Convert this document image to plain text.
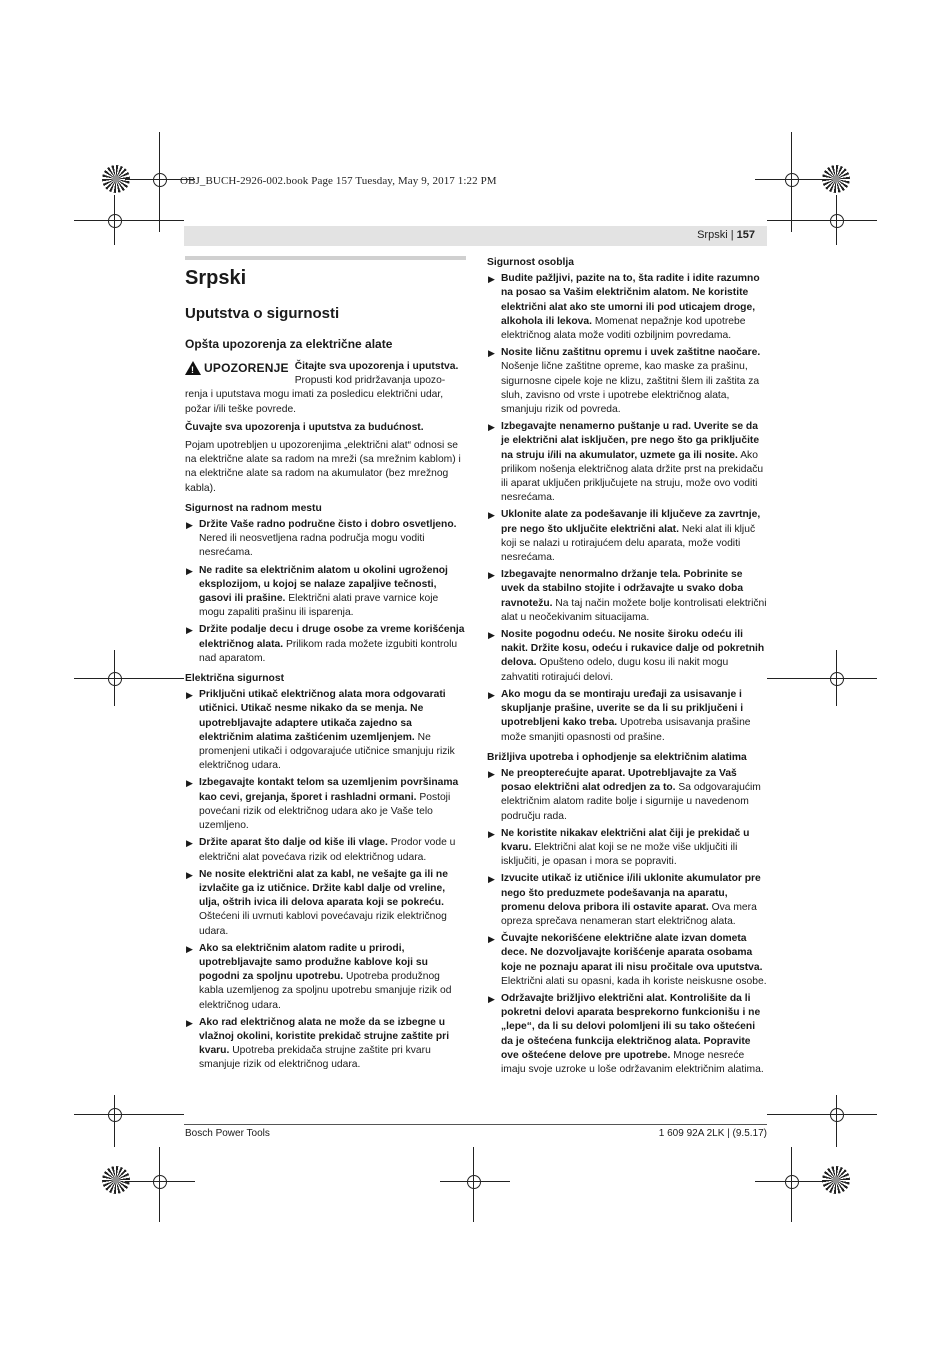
OBJ_BUCH-2926-002.book Page 157 Tuesday, May 9, 2017 1:22 PM
Srpski | 157
Srpski
Uputstva o sigurnosti
Opšta upozorenja za električne alate
! UPOZORENJE Čitajte sva upozorenja i uputstva. Propusti kod pridržavanja upozo-renja i uputstava mogu imati za posledicu električni udar, požar i/ili teške povrede.

Čuvajte sva upozorenja i uputstva za budućnost.

Pojam upotrebljen u upozorenjima „električni alat“ odnosi se na električne alate sa radom na mreži (sa mrežnim kablom) i na električne alate sa radom na akumulator (bez mrežnog kabla).

Sigurnost na radnom mestu
▶ Držite Vaše radno područne čisto i dobro osvetljeno. Nered ili neosvetljena radna područja mogu voditi nesrećama.
▶ Ne radite sa električnim alatom u okolini ugroženoj eksplozijom, u kojoj se nalaze zapaljive tečnosti, gasovi ili prašine. Električni alati prave varnice koje mogu zapaliti prašinu ili isparenja.
▶ Držite podalje decu i druge osobe za vreme korišćenja električnog alata. Prilikom rada možete izgubiti kontrolu nad aparatom.
Električna sigurnost
▶ Priključni utikač električnog alata mora odgovarati utičnici. Utikač nesme nikako da se menja. Ne upotrebljavajte adaptere utikača zajedno sa električnim alatima zaštićenim uzemljenjem. Ne promenjeni utikači i odgovarajuće utičnice smanjuju rizik električnog udara.
▶ Izbegavajte kontakt telom sa uzemljenim površinama kao cevi, grejanja, šporet i rashladni ormani. Postoji povećani rizik od električnog udara ako je Vaše telo uzemljeno.
▶ Držite aparat što dalje od kiše ili vlage. Prodor vode u električni alat povećava rizik od električnog udara.
▶ Ne nosite električni alat za kabl, ne vešajte ga ili ne izvlačite ga iz utičnice. Držite kabl dalje od vreline, ulja, oštrih ivica ili delova aparata koji se pokreću. Oštećeni ili uvrnuti kablovi povećavaju rizik električnog udara.
▶ Ako sa električnim alatom radite u prirodi, upotrebljavajte samo produžne kablove koji su pogodni za spoljnu upotrebu. Upotreba produžnog kabla uzemljenog za spoljnu upotrebu smanjuje rizik od električnog udara.
▶ Ako rad električnog alata ne može da se izbegne u vlažnoj okolini, koristite prekidač strujne zaštite pri kvaru. Upotreba prekidača strujne zaštite pri kvaru smanjuje rizik od električnog udara.
Sigurnost osoblja
▶ Budite pažljivi, pazite na to, šta radite i idite razumno na posao sa Vašim električnim alatom. Ne koristite električni alat ako ste umorni ili pod uticajem droge, alkohola ili lekova. Momenat nepažnje kod upotrebe električnog alata može voditi ozbiljnim povredama.
▶ Nosite ličnu zaštitnu opremu i uvek zaštitne naočare. Nošenje lične zaštitne opreme, kao maske za prašinu, sigurnosne cipele koje ne klizu, zaštitni šlem ili zaštita za sluh, zavisno od vrste i upotrebe električnog alata, smanjuju rizik od povreda.
▶ Izbegavajte nenamerno puštanje u rad. Uverite se da je električni alat isključen, pre nego što ga priključite na struju i/ili na akumulator, uzmete ga ili nosite. Ako prilikom nošenja električnog alata držite prst na prekidaču ili aparat uključen priključujete na struju, može ovo voditi nesrećama.
▶ Uklonite alate za podešavanje ili ključeve za zavrtnje, pre nego što uključite električni alat. Neki alat ili ključ koji se nalazi u rotirajućem delu aparata, može voditi nesrećama.
▶ Izbegavajte nenormalno držanje tela. Pobrinite se uvek da stabilno stojite i održavajte u svako doba ravnotežu. Na taj način možete bolje kontrolisati električni alat u neočekivanim situacijama.
▶ Nosite pogodnu odeću. Ne nosite široku odeću ili nakit. Držite kosu, odeću i rukavice dalje od pokretnih delova. Opušteno odelo, dugu kosu ili nakit mogu zahvatiti rotirajući delovi.
▶ Ako mogu da se montiraju uređaji za usisavanje i skupljanje prašine, uverite se da li su priključeni i upotrebljeni kako treba. Upotreba usisavanja prašine može smanjiti opasnosti od prašine.
Brižljiva upotreba i ophodjenje sa električnim alatima
▶ Ne preopterećujte aparat. Upotrebljavajte za Vaš posao električni alat odredjen za to. Sa odgovarajućim električnim alatom radite bolje i sigurnije u navedenom području rada.
▶ Ne koristite nikakav električni alat čiji je prekidač u kvaru. Električni alat koji se ne može više uključiti ili isključiti, je opasan i mora se popraviti.
▶ Izvucite utikač iz utičnice i/ili uklonite akumulator pre nego što preduzmete podešavanja na aparatu, promenu delova pribora ili ostavite aparat. Ova mera opreza sprečava nenameran start električnog alata.
▶ Čuvajte nekorišćene električne alate izvan dometa dece. Ne dozvoljavajte korišćenje aparata osobama koje ne poznaju aparat ili nisu pročitale ova uputstva. Električni alati su opasni, kada ih koriste neiskusne osobe.
▶ Održavajte brižljivo električni alat. Kontrolišite da li pokretni delovi aparata besprekorno funkcionišu i ne „lepe“, da li su delovi polomljeni ili su tako oštećeni da je oštećena funkcija električnog alata. Popravite ove oštećene delove pre upotrebe. Mnoge nesreće imaju svoje uzroke u loše održavanim električnim alatima.
Bosch Power Tools	1 609 92A 2LK | (9.5.17)
